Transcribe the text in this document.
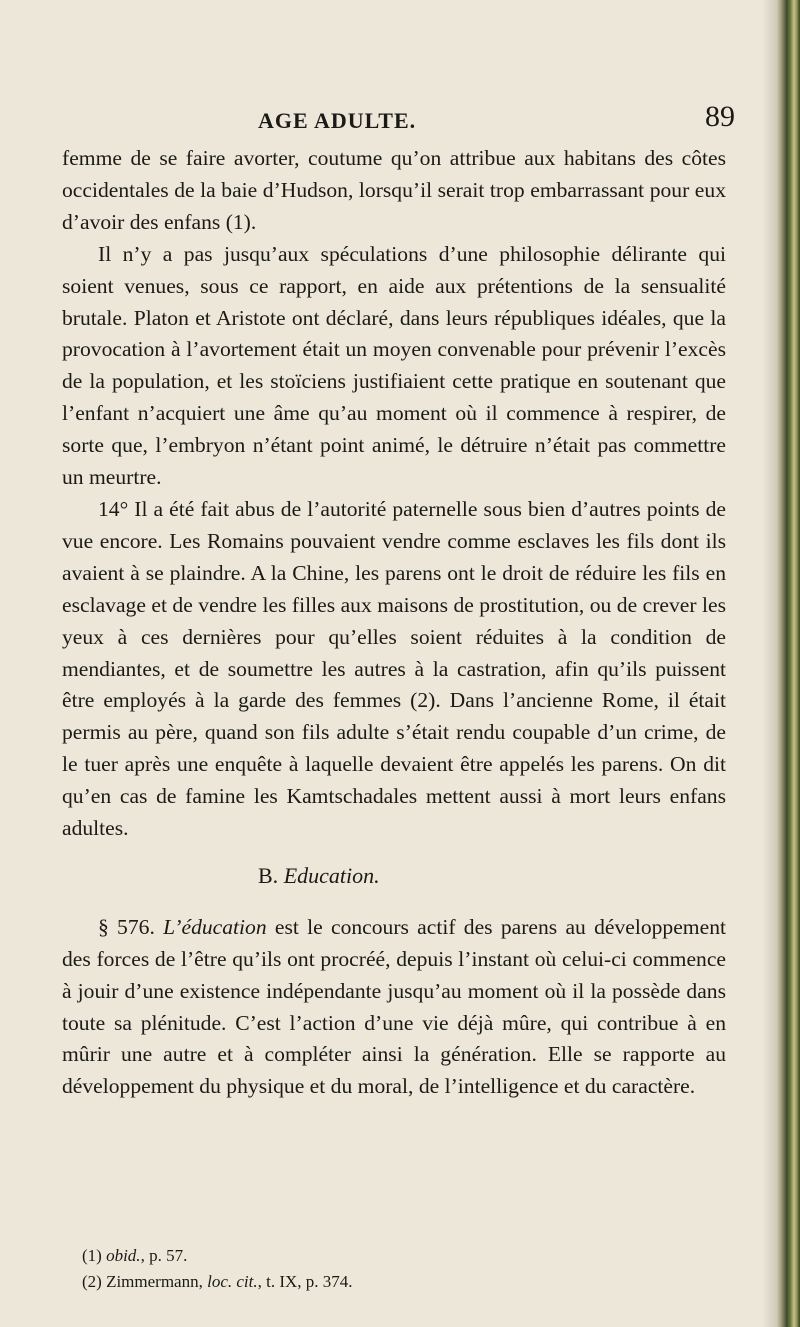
AGE ADULTE.	89

femme de se faire avorter, coutume qu’on attribue aux habitans des côtes occidentales de la baie d’Hudson, lorsqu’il serait trop embarrassant pour eux d’avoir des enfans (1).

Il n’y a pas jusqu’aux spéculations d’une philosophie délirante qui soient venues, sous ce rapport, en aide aux prétentions de la sensualité brutale. Platon et Aristote ont déclaré, dans leurs républiques idéales, que la provocation à l’avortement était un moyen convenable pour prévenir l’excès de la population, et les stoïciens justifiaient cette pratique en soutenant que l’enfant n’acquiert une âme qu’au moment où il commence à respirer, de sorte que, l’embryon n’étant point animé, le détruire n’était pas commettre un meurtre.

14° Il a été fait abus de l’autorité paternelle sous bien d’autres points de vue encore. Les Romains pouvaient vendre comme esclaves les fils dont ils avaient à se plaindre. A la Chine, les parens ont le droit de réduire les fils en esclavage et de vendre les filles aux maisons de prostitution, ou de crever les yeux à ces dernières pour qu’elles soient réduites à la condition de mendiantes, et de soumettre les autres à la castration, afin qu’ils puissent être employés à la garde des femmes (2). Dans l’ancienne Rome, il était permis au père, quand son fils adulte s’était rendu coupable d’un crime, de le tuer après une enquête à laquelle devaient être appelés les parens. On dit qu’en cas de famine les Kamtschadales mettent aussi à mort leurs enfans adultes.

B. Education.

§ 576. L’éducation est le concours actif des parens au développement des forces de l’être qu’ils ont procréé, depuis l’instant où celui-ci commence à jouir d’une existence indépendante jusqu’au moment où il la possède dans toute sa plénitude. C’est l’action d’une vie déjà mûre, qui contribue à en mûrir une autre et à compléter ainsi la génération. Elle se rapporte au développement du physique et du moral, de l’intelligence et du caractère.

(1) obid., p. 57.

(2) Zimmermann, loc. cit., t. IX, p. 374.
